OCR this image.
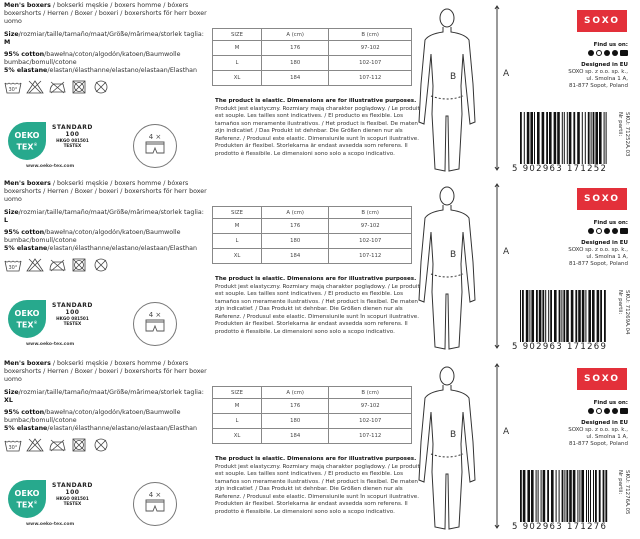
Men's boxers / bokserki męskie / boxers homme / bóxers boxershorts / Herren / Boxer / boxeri / boxershorts för herr boxer uomo

Size/rozmiar/taille/tamaño/maat/Größe/mărimea/storlek taglia: M

95% cotton/bawełna/coton/algodón/katoen/Baumwolle bumbac/bomull/cotone

5% elastane/elastan/élasthanne/elastano/elastaan/Elasthan

30°
OEKO
TEX®
STANDARD
100
HKGO 081501
TESTEX
www.oeko-tex.com
4 ×
SIZE	A (cm)	B (cm)
M	176	97-102
L	180	102-107
XL	184	107-112
The product is elastic. Dimensions are for illustrative purposes.
Produkt jest elastyczny. Rozmiary mają charakter poglądowy. / Le produit est souple. Les tailles sont indicatives. / El producto es flexible. Los tamaños son meramente ilustrativos. / Het product is flexibel. De maten zijn indicatief. / Das Produkt ist dehnbar. Die Größen dienen nur als Referenz. / Produsul este elastic. Dimensiunile sunt în scopuri ilustrative. Produkten är flexibel. Storlekarna är endast avsedda som referens. Il prodotto è flessibile. Le dimensioni sono solo a scopo indicativo.
B	A
SOXO
Find us on:
Designed in EU
SOXO sp. z o.o. sp. k.,
ul. Smolna 1 A,
81-877 Sopot, Poland
5 902963 171252
SKU: 71252A.03
Nr partii:

Men's boxers / bokserki męskie / boxers homme / bóxers boxershorts / Herren / Boxer / boxeri / boxershorts för herr boxer uomo

Size/rozmiar/taille/tamaño/maat/Größe/mărimea/storlek taglia: L

95% cotton/bawełna/coton/algodón/katoen/Baumwolle bumbac/bomull/cotone

5% elastane/elastan/élasthanne/elastano/elastaan/Elasthan

30°
OEKO
TEX®
STANDARD
100
HKGO 081501
TESTEX
www.oeko-tex.com
4 ×
SIZE	A (cm)	B (cm)
M	176	97-102
L	180	102-107
XL	184	107-112
The product is elastic. Dimensions are for illustrative purposes.
Produkt jest elastyczny. Rozmiary mają charakter poglądowy. / Le produit est souple. Les tailles sont indicatives. / El producto es flexible. Los tamaños son meramente ilustrativos. / Het product is flexibel. De maten zijn indicatief. / Das Produkt ist dehnbar. Die Größen dienen nur als Referenz. / Produsul este elastic. Dimensiunile sunt în scopuri ilustrative. Produkten är flexibel. Storlekarna är endast avsedda som referens. Il prodotto è flessibile. Le dimensioni sono solo a scopo indicativo.
B	A
SOXO
Find us on:
Designed in EU
SOXO sp. z o.o. sp. k.,
ul. Smolna 1 A,
81-877 Sopot, Poland
5 902963 171269
SKU: 71269A.04
Nr partii:

Men's boxers / bokserki męskie / boxers homme / bóxers boxershorts / Herren / Boxer / boxeri / boxershorts för herr boxer uomo

Size/rozmiar/taille/tamaño/maat/Größe/mărimea/storlek taglia: XL

95% cotton/bawełna/coton/algodón/katoen/Baumwolle bumbac/bomull/cotone

5% elastane/elastan/élasthanne/elastano/elastaan/Elasthan

30°
OEKO
TEX®
STANDARD
100
HKGO 081501
TESTEX
www.oeko-tex.com
4 ×
SIZE	A (cm)	B (cm)
M	176	97-102
L	180	102-107
XL	184	107-112
The product is elastic. Dimensions are for illustrative purposes.
Produkt jest elastyczny. Rozmiary mają charakter poglądowy. / Le produit est souple. Les tailles sont indicatives. / El producto es flexible. Los tamaños son meramente ilustrativos. / Het product is flexibel. De maten zijn indicatief. / Das Produkt ist dehnbar. Die Größen dienen nur als Referenz. / Produsul este elastic. Dimensiunile sunt în scopuri ilustrative. Produkten är flexibel. Storlekarna är endast avsedda som referens. Il prodotto è flessibile. Le dimensioni sono solo a scopo indicativo.
B	A
SOXO
Find us on:
Designed in EU
SOXO sp. z o.o. sp. k.,
ul. Smolna 1 A,
81-877 Sopot, Poland
5 902963 171276
SKU: 71276A.05
Nr partii:
